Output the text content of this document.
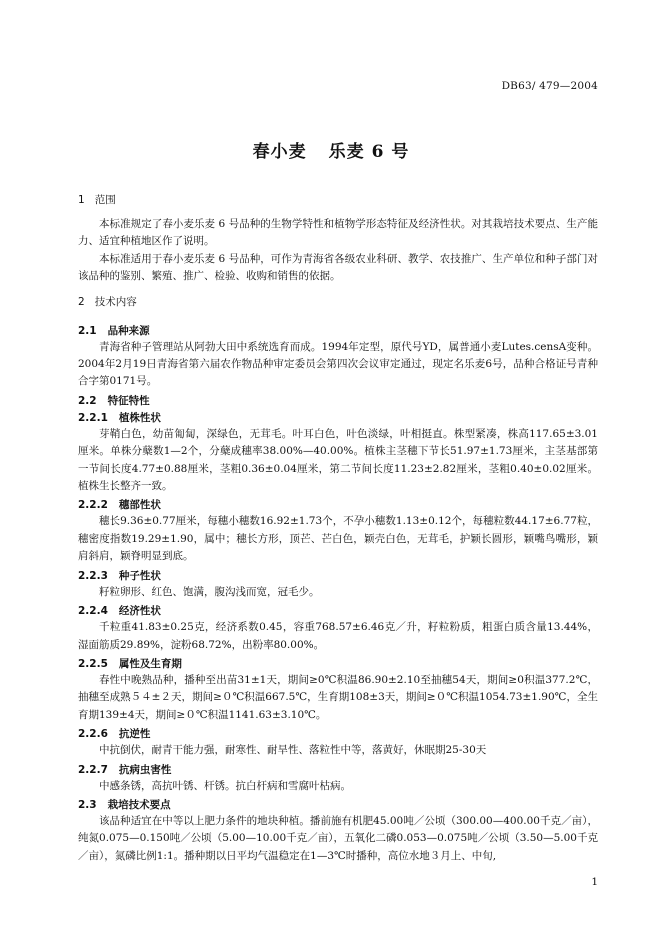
DB63/ 479—2004
春小麦 乐麦 6 号
1   范围

本标准规定了春小麦乐麦 6 号品种的生物学特性和植物学形态特征及经济性状。对其栽培技术要点、生产能力、适宜种植地区作了说明。

本标准适用于春小麦乐麦 6 号品种，可作为青海省各级农业科研、教学、农技推广、生产单位和种子部门对该品种的鉴别、繁殖、推广、检验、收购和销售的依据。

2   技术内容
2.1   品种来源

青海省种子管理站从阿勃大田中系统选育而成。1994年定型，原代号YD，属普通小麦Lutes.censA变种。2004年2月19日青海省第六届农作物品种审定委员会第四次会议审定通过，现定名乐麦6号，品种合格证号青种合字第0171号。

2.2   特征特性
2.2.1   植株性状

芽鞘白色，幼苗匍匐，深绿色，无茸毛。叶耳白色，叶色淡绿，叶相挺直。株型紧凑，株高117.65±3.01厘米。单株分蘖数1—2个，分蘖成穗率38.00%—40.00%。植株主茎穗下节长51.97±1.73厘米，主茎基部第一节间长度4.77±0.88厘米，茎粗0.36±0.04厘米，第二节间长度11.23±2.82厘米，茎粗0.40±0.02厘米。植株生长整齐一致。

2.2.2   穗部性状

穗长9.36±0.77厘米，每穗小穗数16.92±1.73个，不孕小穗数1.13±0.12个，每穗粒数44.17±6.77粒，穗密度指数19.29±1.90，属中；穗长方形，顶芒、芒白色，颖壳白色，无茸毛，护颖长圆形，颖嘴鸟嘴形，颖肩斜肩，颖脊明显到底。

2.2.3   种子性状

籽粒卵形、红色、饱满，腹沟浅而宽，冠毛少。

2.2.4   经济性状

千粒重41.83±0.25克，经济系数0.45，容重768.57±6.46克／升，籽粒粉质，粗蛋白质含量13.44%，湿面筋质29.89%，淀粉68.72%，出粉率80.00%。

2.2.5   属性及生育期

春性中晚熟品种，播种至出苗31±1天，期间≥0℃积温86.90±2.10至抽穗54天，期间≥0积温377.2℃，抽穗至成熟５４±２天，期间≥０℃积温667.5℃，生育期108±3天，期间≥０℃积温1054.73±1.90℃，全生育期139±4天，期间≥０℃积温1141.63±3.10℃。

2.2.6   抗逆性

中抗倒伏，耐青干能力强，耐寒性、耐旱性、落粒性中等，落黄好，休眠期25-30天

2.2.7   抗病虫害性

中感条锈，高抗叶锈、杆锈。抗白杆病和雪腐叶枯病。

2.3   栽培技术要点

该品种适宜在中等以上肥力条件的地块种植。播前施有机肥45.00吨／公顷（300.00—400.00千克／亩），纯氮0.075—0.150吨／公顷（5.00—10.00千克／亩），五氧化二磷0.053—0.075吨／公顷（3.50—5.00千克／亩），氮磷比例1:1。播种期以日平均气温稳定在1—3℃时播种，高位水地３月上、中旬,

1
